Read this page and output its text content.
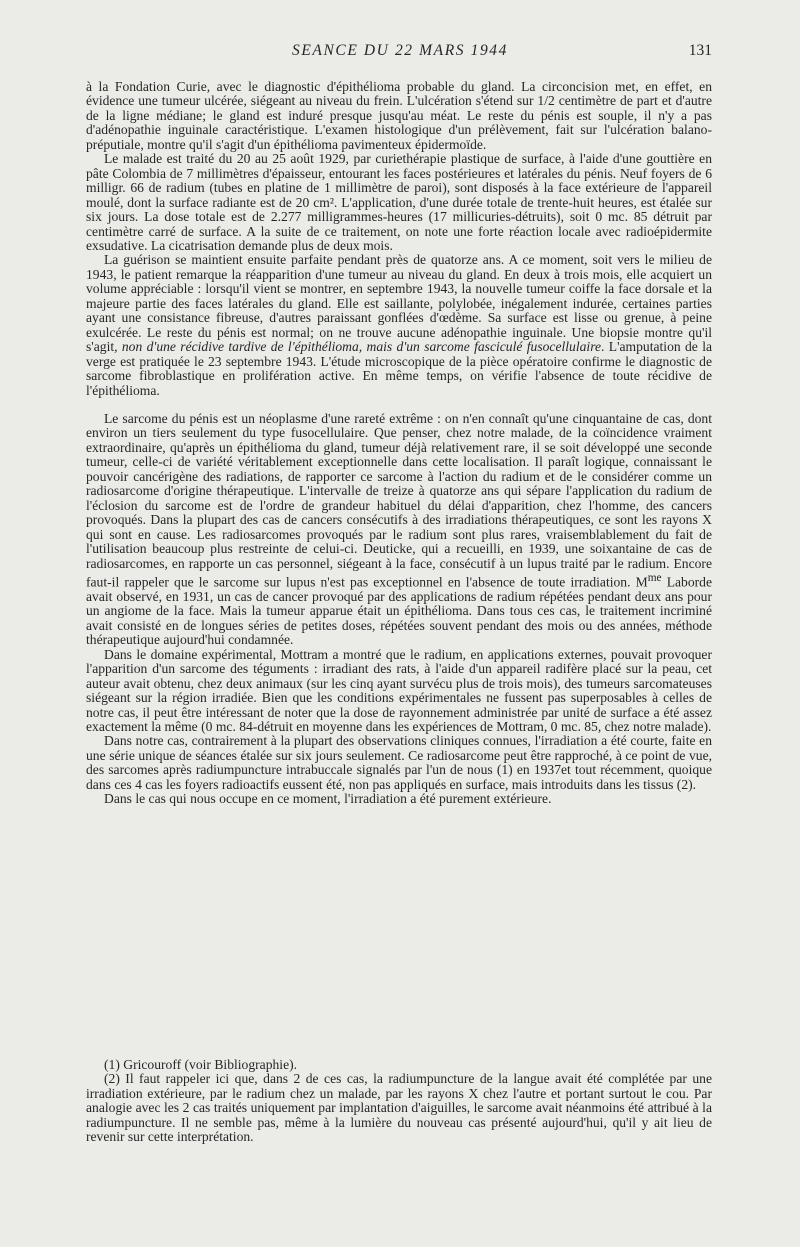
SEANCE DU 22 MARS 1944	131

à la Fondation Curie, avec le diagnostic d'épithélioma probable du gland. La circoncision met, en effet, en évidence une tumeur ulcérée, siégeant au niveau du frein. L'ulcération s'étend sur 1/2 centimètre de part et d'autre de la ligne médiane; le gland est induré presque jusqu'au méat. Le reste du pénis est souple, il n'y a pas d'adénopathie inguinale caractéristique. L'examen histologique d'un prélèvement, fait sur l'ulcération balano-préputiale, montre qu'il s'agit d'un épithélioma pavimenteux épidermoïde.

Le malade est traité du 20 au 25 août 1929, par curiethérapie plastique de surface, à l'aide d'une gouttière en pâte Colombia de 7 millimètres d'épaisseur, entourant les faces postérieures et latérales du pénis. Neuf foyers de 6 milligr. 66 de radium (tubes en platine de 1 millimètre de paroi), sont disposés à la face extérieure de l'appareil moulé, dont la surface radiante est de 20 cm². L'application, d'une durée totale de trente-huit heures, est étalée sur six jours. La dose totale est de 2.277 milligrammes-heures (17 millicuries-détruits), soit 0 mc. 85 détruit par centimètre carré de surface. A la suite de ce traitement, on note une forte réaction locale avec radioépidermite exsudative. La cicatrisation demande plus de deux mois.

La guérison se maintient ensuite parfaite pendant près de quatorze ans. A ce moment, soit vers le milieu de 1943, le patient remarque la réapparition d'une tumeur au niveau du gland. En deux à trois mois, elle acquiert un volume appréciable : lorsqu'il vient se montrer, en septembre 1943, la nouvelle tumeur coiffe la face dorsale et la majeure partie des faces latérales du gland. Elle est saillante, polylobée, inégalement indurée, certaines parties ayant une consistance fibreuse, d'autres paraissant gonflées d'œdème. Sa surface est lisse ou grenue, à peine exulcérée. Le reste du pénis est normal; on ne trouve aucune adénopathie inguinale. Une biopsie montre qu'il s'agit, non d'une récidive tardive de l'épithélioma, mais d'un sarcome fasciculé fusocellulaire. L'amputation de la verge est pratiquée le 23 septembre 1943. L'étude microscopique de la pièce opératoire confirme le diagnostic de sarcome fibroblastique en prolifération active. En même temps, on vérifie l'absence de toute récidive de l'épithélioma.

Le sarcome du pénis est un néoplasme d'une rareté extrême : on n'en connaît qu'une cinquantaine de cas, dont environ un tiers seulement du type fusocellulaire. Que penser, chez notre malade, de la coïncidence vraiment extraordinaire, qu'après un épithélioma du gland, tumeur déjà relativement rare, il se soit développé une seconde tumeur, celle-ci de variété véritablement exceptionnelle dans cette localisation. Il paraît logique, connaissant le pouvoir cancérigène des radiations, de rapporter ce sarcome à l'action du radium et de le considérer comme un radiosarcome d'origine thérapeutique. L'intervalle de treize à quatorze ans qui sépare l'application du radium de l'éclosion du sarcome est de l'ordre de grandeur habituel du délai d'apparition, chez l'homme, des cancers provoqués. Dans la plupart des cas de cancers consécutifs à des irradiations thérapeutiques, ce sont les rayons X qui sont en cause. Les radiosarcomes provoqués par le radium sont plus rares, vraisemblablement du fait de l'utilisation beaucoup plus restreinte de celui-ci. Deuticke, qui a recueilli, en 1939, une soixantaine de cas de radiosarcomes, en rapporte un cas personnel, siégeant à la face, consécutif à un lupus traité par le radium. Encore faut-il rappeler que le sarcome sur lupus n'est pas exceptionnel en l'absence de toute irradiation. $M^{me}$ Laborde avait observé, en 1931, un cas de cancer provoqué par des applications de radium répétées pendant deux ans pour un angiome de la face. Mais la tumeur apparue était un épithélioma. Dans tous ces cas, le traitement incriminé avait consisté en de longues séries de petites doses, répétées souvent pendant des mois ou des années, méthode thérapeutique aujourd'hui condamnée.

Dans le domaine expérimental, Mottram a montré que le radium, en applications externes, pouvait provoquer l'apparition d'un sarcome des téguments : irradiant des rats, à l'aide d'un appareil radifère placé sur la peau, cet auteur avait obtenu, chez deux animaux (sur les cinq ayant survécu plus de trois mois), des tumeurs sarcomateuses siégeant sur la région irradiée. Bien que les conditions expérimentales ne fussent pas superposables à celles de notre cas, il peut être intéressant de noter que la dose de rayonnement administrée par unité de surface a été assez exactement la même (0 mc. 84-détruit en moyenne dans les expériences de Mottram, 0 mc. 85, chez notre malade).

Dans notre cas, contrairement à la plupart des observations cliniques connues, l'irradiation a été courte, faite en une série unique de séances étalée sur six jours seulement. Ce radiosarcome peut être rapproché, à ce point de vue, des sarcomes après radiumpuncture intrabuccale signalés par l'un de nous (1) en 1937et tout récemment, quoique dans ces 4 cas les foyers radioactifs eussent été, non pas appliqués en surface, mais introduits dans les tissus (2).

Dans le cas qui nous occupe en ce moment, l'irradiation a été purement extérieure.

(1) Gricouroff (voir Bibliographie).

(2) Il faut rappeler ici que, dans 2 de ces cas, la radiumpuncture de la langue avait été complétée par une irradiation extérieure, par le radium chez un malade, par les rayons X chez l'autre et portant surtout le cou. Par analogie avec les 2 cas traités uniquement par implantation d'aiguilles, le sarcome avait néanmoins été attribué à la radiumpuncture. Il ne semble pas, même à la lumière du nouveau cas présenté aujourd'hui, qu'il y ait lieu de revenir sur cette interprétation.
